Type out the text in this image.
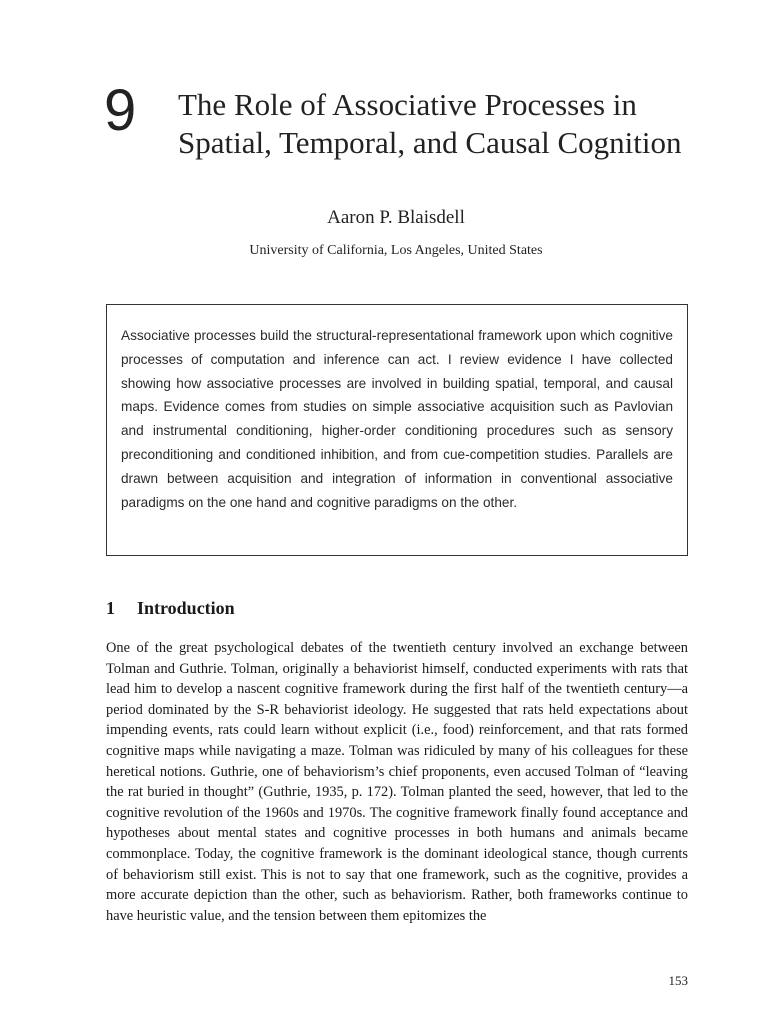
9 The Role of Associative Processes in Spatial, Temporal, and Causal Cognition
Aaron P. Blaisdell
University of California, Los Angeles, United States

Associative processes build the structural-representational framework upon which cognitive processes of computation and inference can act. I review evidence I have collected showing how associative processes are involved in building spatial, temporal, and causal maps. Evidence comes from studies on simple associative acquisition such as Pavlovian and instrumental conditioning, higher-order conditioning procedures such as sensory preconditioning and conditioned inhibition, and from cue-competition studies. Parallels are drawn between acquisition and integration of information in conventional associative paradigms on the one hand and cognitive paradigms on the other.

1 Introduction

One of the great psychological debates of the twentieth century involved an exchange between Tolman and Guthrie. Tolman, originally a behaviorist himself, conducted experiments with rats that lead him to develop a nascent cognitive framework during the first half of the twentieth century—a period dominated by the S-R behaviorist ideology. He suggested that rats held expectations about impending events, rats could learn without explicit (i.e., food) reinforcement, and that rats formed cognitive maps while navigating a maze. Tolman was ridiculed by many of his colleagues for these heretical notions. Guthrie, one of behaviorism’s chief proponents, even accused Tolman of “leaving the rat buried in thought” (Guthrie, 1935, p. 172). Tolman planted the seed, however, that led to the cognitive revolution of the 1960s and 1970s. The cognitive framework finally found acceptance and hypotheses about mental states and cognitive processes in both humans and animals became commonplace. Today, the cognitive framework is the dominant ideological stance, though currents of behaviorism still exist. This is not to say that one framework, such as the cognitive, provides a more accurate depiction than the other, such as behaviorism. Rather, both frameworks continue to have heuristic value, and the tension between them epitomizes the

153
